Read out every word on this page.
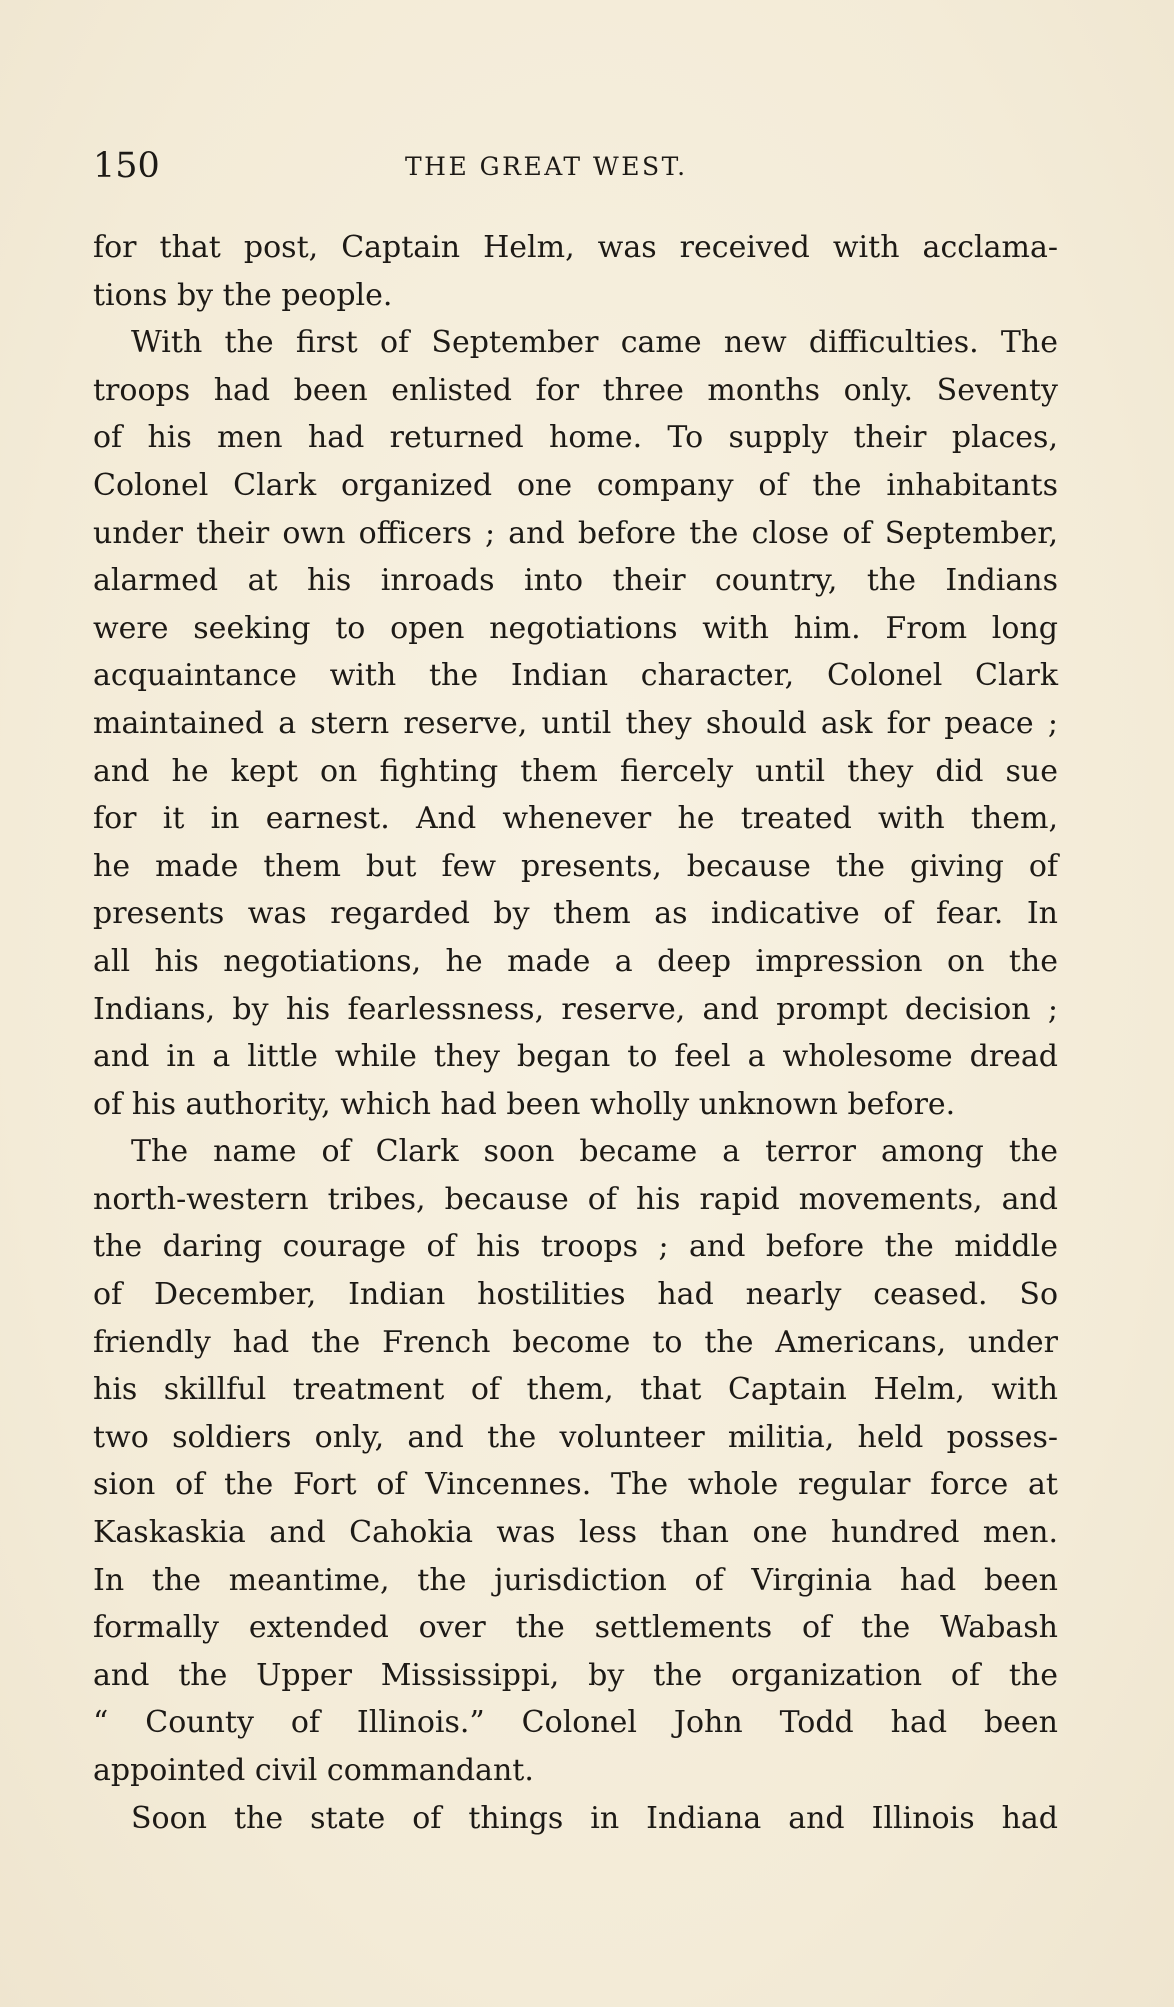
150	THE GREAT WEST.
for that post, Captain Helm, was received with acclama-
tions by the people.
With the first of September came new difficulties. The
troops had been enlisted for three months only. Seventy
of his men had returned home. To supply their places,
Colonel Clark organized one company of the inhabitants
under their own officers ; and before the close of September,
alarmed at his inroads into their country, the Indians
were seeking to open negotiations with him. From long
acquaintance with the Indian character, Colonel Clark
maintained a stern reserve, until they should ask for peace ;
and he kept on fighting them fiercely until they did sue
for it in earnest. And whenever he treated with them,
he made them but few presents, because the giving of
presents was regarded by them as indicative of fear. In
all his negotiations, he made a deep impression on the
Indians, by his fearlessness, reserve, and prompt decision ;
and in a little while they began to feel a wholesome dread
of his authority, which had been wholly unknown before.
The name of Clark soon became a terror among the
north-western tribes, because of his rapid movements, and
the daring courage of his troops ; and before the middle
of December, Indian hostilities had nearly ceased. So
friendly had the French become to the Americans, under
his skillful treatment of them, that Captain Helm, with
two soldiers only, and the volunteer militia, held posses-
sion of the Fort of Vincennes. The whole regular force at
Kaskaskia and Cahokia was less than one hundred men.
In the meantime, the jurisdiction of Virginia had been
formally extended over the settlements of the Wabash
and the Upper Mississippi, by the organization of the
“ County of Illinois.” Colonel John Todd had been
appointed civil commandant.
Soon the state of things in Indiana and Illinois had
